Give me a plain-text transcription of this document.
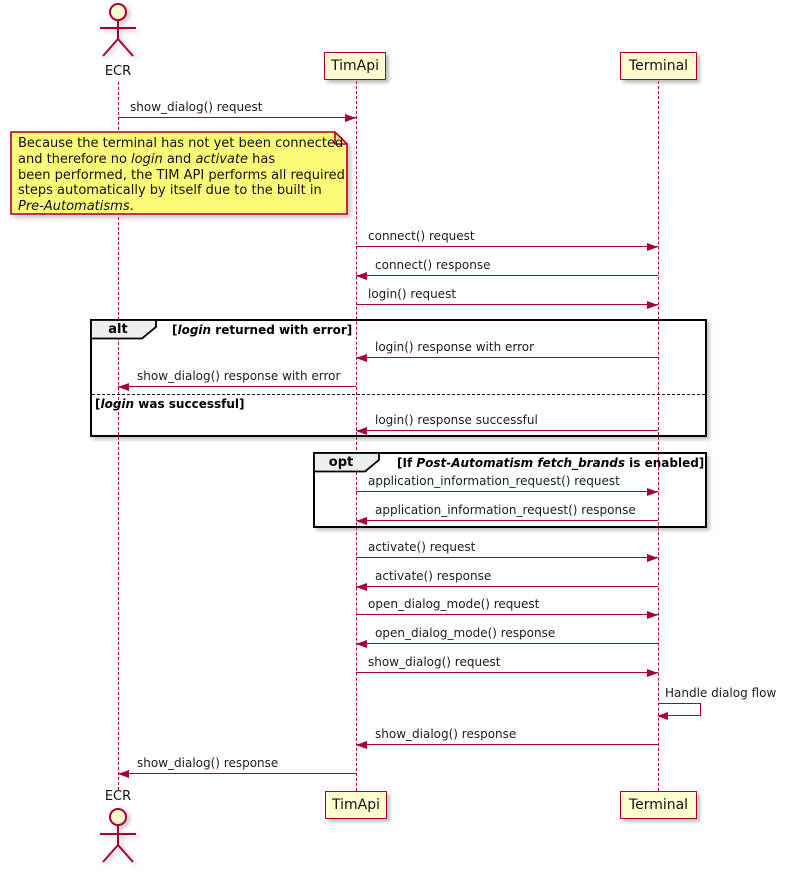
ECR	TimApi	Terminal
show_dialog() request
Because the terminal has not yet been connected
and therefore no login and activate has
been performed, the TIM API performs all required
steps automatically by itself due to the built in
Pre-Automatisms.
connect() request
connect() response
login() request
alt	[login returned with error]
[login was successful]
login() response with error
show_dialog() response with error
login() response successful
opt	[If Post-Automatism fetch_brands is enabled]
application_information_request() request
application_information_request() response
activate() request
activate() response
open_dialog_mode() request
open_dialog_mode() response
show_dialog() request
Handle dialog flow
show_dialog() response
show_dialog() response
ECR
TimApi	Terminal
